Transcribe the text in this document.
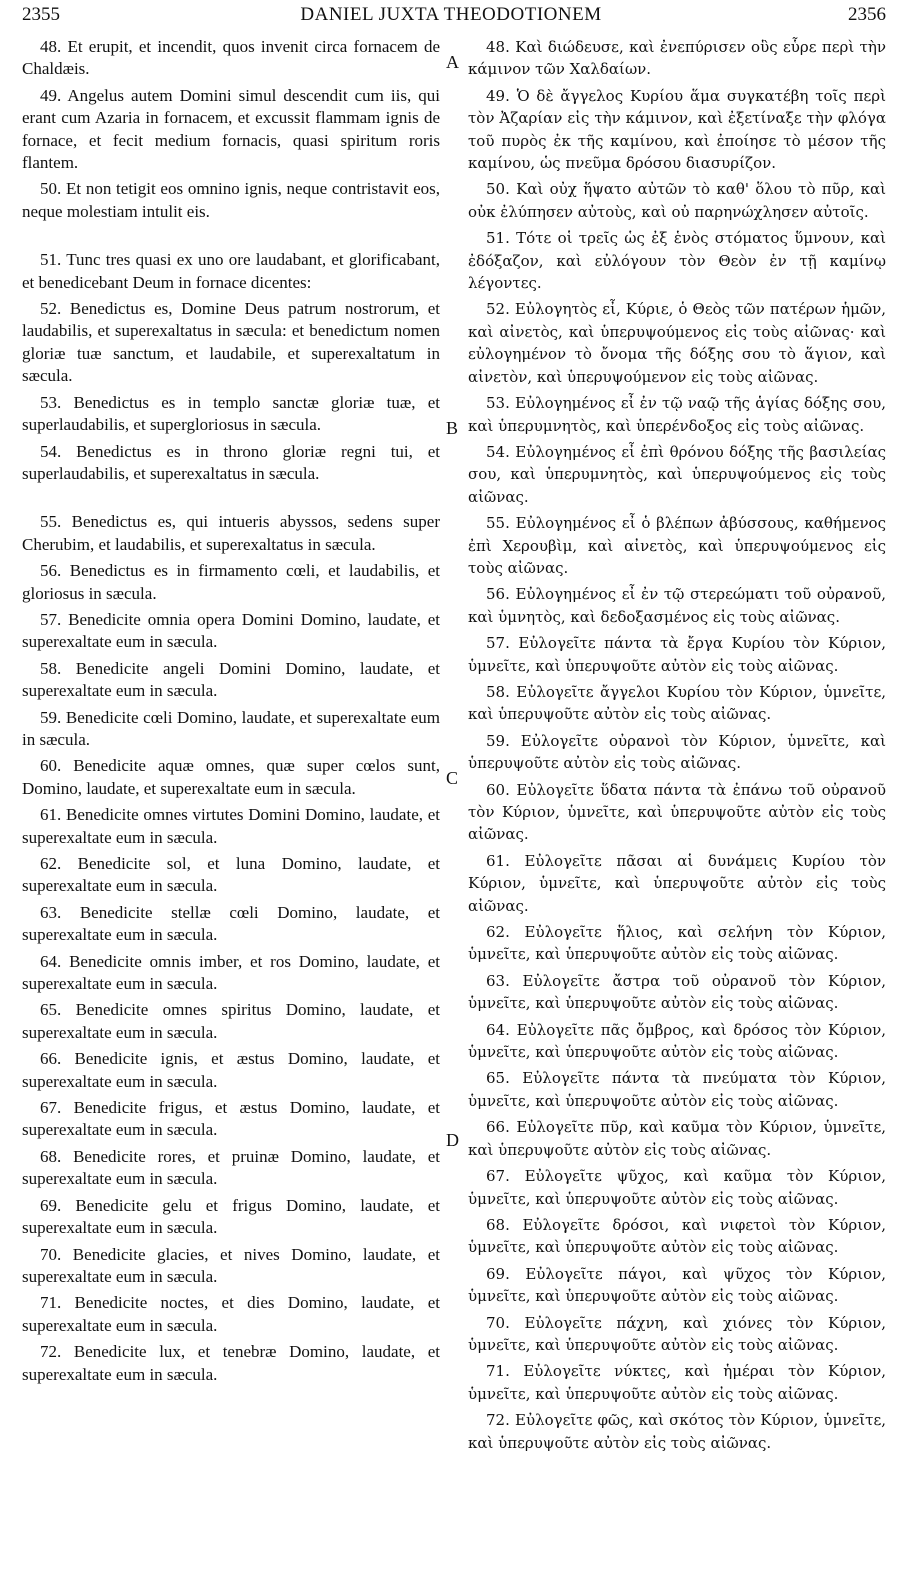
2355	DANIEL JUXTA THEODOTIONEM	2356

48. Et erupit, et incendit, quos invenit circa fornacem de Chaldæis.

49. Angelus autem Domini simul descendit cum iis, qui erant cum Azaria in fornacem, et excussit flammam ignis de fornace, et fecit medium fornacis, quasi spiritum roris flantem.

50. Et non tetigit eos omnino ignis, neque contristavit eos, neque molestiam intulit eis.

51. Tunc tres quasi ex uno ore laudabant, et glorificabant, et benedicebant Deum in fornace dicentes:

52. Benedictus es, Domine Deus patrum nostrorum, et laudabilis, et superexaltatus in sæcula: et benedictum nomen gloriæ tuæ sanctum, et laudabile, et superexaltatum in sæcula.

53. Benedictus es in templo sanctæ gloriæ tuæ, et superlaudabilis, et supergloriosus in sæcula.

54. Benedictus es in throno gloriæ regni tui, et superlaudabilis, et superexaltatus in sæcula.

55. Benedictus es, qui intueris abyssos, sedens super Cherubim, et laudabilis, et superexaltatus in sæcula.

56. Benedictus es in firmamento cœli, et laudabilis, et gloriosus in sæcula.

57. Benedicite omnia opera Domini Domino, laudate, et superexaltate eum in sæcula.

58. Benedicite angeli Domini Domino, laudate, et superexaltate eum in sæcula.

59. Benedicite cœli Domino, laudate, et superexaltate eum in sæcula.

60. Benedicite aquæ omnes, quæ super cœlos sunt, Domino, laudate, et superexaltate eum in sæcula.

61. Benedicite omnes virtutes Domini Domino, laudate, et superexaltate eum in sæcula.

62. Benedicite sol, et luna Domino, laudate, et superexaltate eum in sæcula.

63. Benedicite stellæ cœli Domino, laudate, et superexaltate eum in sæcula.

64. Benedicite omnis imber, et ros Domino, laudate, et superexaltate eum in sæcula.

65. Benedicite omnes spiritus Domino, laudate, et superexaltate eum in sæcula.

66. Benedicite ignis, et æstus Domino, laudate, et superexaltate eum in sæcula.

67. Benedicite frigus, et æstus Domino, laudate, et superexaltate eum in sæcula.

68. Benedicite rores, et pruinæ Domino, laudate, et superexaltate eum in sæcula.

69. Benedicite gelu et frigus Domino, laudate, et superexaltate eum in sæcula.

70. Benedicite glacies, et nives Domino, laudate, et superexaltate eum in sæcula.

71. Benedicite noctes, et dies Domino, laudate, et superexaltate eum in sæcula.

72. Benedicite lux, et tenebræ Domino, laudate, et superexaltate eum in sæcula.

A
B
C
D

48. Καὶ διώδευσε, καὶ ἐνεπύρισεν οὓς εὗρε περὶ τὴν κάμινον τῶν Χαλδαίων.

49. Ὁ δὲ ἄγγελος Κυρίου ἅμα συγκατέβη τοῖς περὶ τὸν Ἀζαρίαν εἰς τὴν κάμινον, καὶ ἐξετίναξε τὴν φλόγα τοῦ πυρὸς ἐκ τῆς καμίνου, καὶ ἐποίησε τὸ μέσον τῆς καμίνου, ὡς πνεῦμα δρόσου διασυρίζον.

50. Καὶ οὐχ ἥψατο αὐτῶν τὸ καθ' ὅλου τὸ πῦρ, καὶ οὐκ ἐλύπησεν αὐτοὺς, καὶ οὐ παρηνώχλησεν αὐτοῖς.

51. Τότε οἱ τρεῖς ὡς ἐξ ἑνὸς στόματος ὕμνουν, καὶ ἐδόξαζον, καὶ εὐλόγουν τὸν Θεὸν ἐν τῇ καμίνῳ λέγοντες.

52. Εὐλογητὸς εἶ, Κύριε, ὁ Θεὸς τῶν πατέρων ἡμῶν, καὶ αἰνετὸς, καὶ ὑπερυψούμενος εἰς τοὺς αἰῶνας· καὶ εὐλογημένον τὸ ὄνομα τῆς δόξης σου τὸ ἅγιον, καὶ αἰνετὸν, καὶ ὑπερυψούμενον εἰς τοὺς αἰῶνας.

53. Εὐλογημένος εἶ ἐν τῷ ναῷ τῆς ἁγίας δόξης σου, καὶ ὑπερυμνητὸς, καὶ ὑπερένδοξος εἰς τοὺς αἰῶνας.

54. Εὐλογημένος εἶ ἐπὶ θρόνου δόξης τῆς βασιλείας σου, καὶ ὑπερυμνητὸς, καὶ ὑπερυψούμενος εἰς τοὺς αἰῶνας.

55. Εὐλογημένος εἶ ὁ βλέπων ἀβύσσους, καθήμενος ἐπὶ Χερουβὶμ, καὶ αἰνετὸς, καὶ ὑπερυψούμενος εἰς τοὺς αἰῶνας.

56. Εὐλογημένος εἶ ἐν τῷ στερεώματι τοῦ οὐρανοῦ, καὶ ὑμνητὸς, καὶ δεδοξασμένος εἰς τοὺς αἰῶνας.

57. Εὐλογεῖτε πάντα τὰ ἔργα Κυρίου τὸν Κύριον, ὑμνεῖτε, καὶ ὑπερυψοῦτε αὐτὸν εἰς τοὺς αἰῶνας.

58. Εὐλογεῖτε ἄγγελοι Κυρίου τὸν Κύριον, ὑμνεῖτε, καὶ ὑπερυψοῦτε αὐτὸν εἰς τοὺς αἰῶνας.

59. Εὐλογεῖτε οὐρανοὶ τὸν Κύριον, ὑμνεῖτε, καὶ ὑπερυψοῦτε αὐτὸν εἰς τοὺς αἰῶνας.

60. Εὐλογεῖτε ὕδατα πάντα τὰ ἐπάνω τοῦ οὐρανοῦ τὸν Κύριον, ὑμνεῖτε, καὶ ὑπερυψοῦτε αὐτὸν εἰς τοὺς αἰῶνας.

61. Εὐλογεῖτε πᾶσαι αἱ δυνάμεις Κυρίου τὸν Κύριον, ὑμνεῖτε, καὶ ὑπερυψοῦτε αὐτὸν εἰς τοὺς αἰῶνας.

62. Εὐλογεῖτε ἥλιος, καὶ σελήνη τὸν Κύριον, ὑμνεῖτε, καὶ ὑπερυψοῦτε αὐτὸν εἰς τοὺς αἰῶνας.

63. Εὐλογεῖτε ἄστρα τοῦ οὐρανοῦ τὸν Κύριον, ὑμνεῖτε, καὶ ὑπερυψοῦτε αὐτὸν εἰς τοὺς αἰῶνας.

64. Εὐλογεῖτε πᾶς ὄμβρος, καὶ δρόσος τὸν Κύριον, ὑμνεῖτε, καὶ ὑπερυψοῦτε αὐτὸν εἰς τοὺς αἰῶνας.

65. Εὐλογεῖτε πάντα τὰ πνεύματα τὸν Κύριον, ὑμνεῖτε, καὶ ὑπερυψοῦτε αὐτὸν εἰς τοὺς αἰῶνας.

66. Εὐλογεῖτε πῦρ, καὶ καῦμα τὸν Κύριον, ὑμνεῖτε, καὶ ὑπερυψοῦτε αὐτὸν εἰς τοὺς αἰῶνας.

67. Εὐλογεῖτε ψῦχος, καὶ καῦμα τὸν Κύριον, ὑμνεῖτε, καὶ ὑπερυψοῦτε αὐτὸν εἰς τοὺς αἰῶνας.

68. Εὐλογεῖτε δρόσοι, καὶ νιφετοὶ τὸν Κύριον, ὑμνεῖτε, καὶ ὑπερυψοῦτε αὐτὸν εἰς τοὺς αἰῶνας.

69. Εὐλογεῖτε πάγοι, καὶ ψῦχος τὸν Κύριον, ὑμνεῖτε, καὶ ὑπερυψοῦτε αὐτὸν εἰς τοὺς αἰῶνας.

70. Εὐλογεῖτε πάχνη, καὶ χιόνες τὸν Κύριον, ὑμνεῖτε, καὶ ὑπερυψοῦτε αὐτὸν εἰς τοὺς αἰῶνας.

71. Εὐλογεῖτε νύκτες, καὶ ἡμέραι τὸν Κύριον, ὑμνεῖτε, καὶ ὑπερυψοῦτε αὐτὸν εἰς τοὺς αἰῶνας.

72. Εὐλογεῖτε φῶς, καὶ σκότος τὸν Κύριον, ὑμνεῖτε, καὶ ὑπερυψοῦτε αὐτὸν εἰς τοὺς αἰῶνας.
